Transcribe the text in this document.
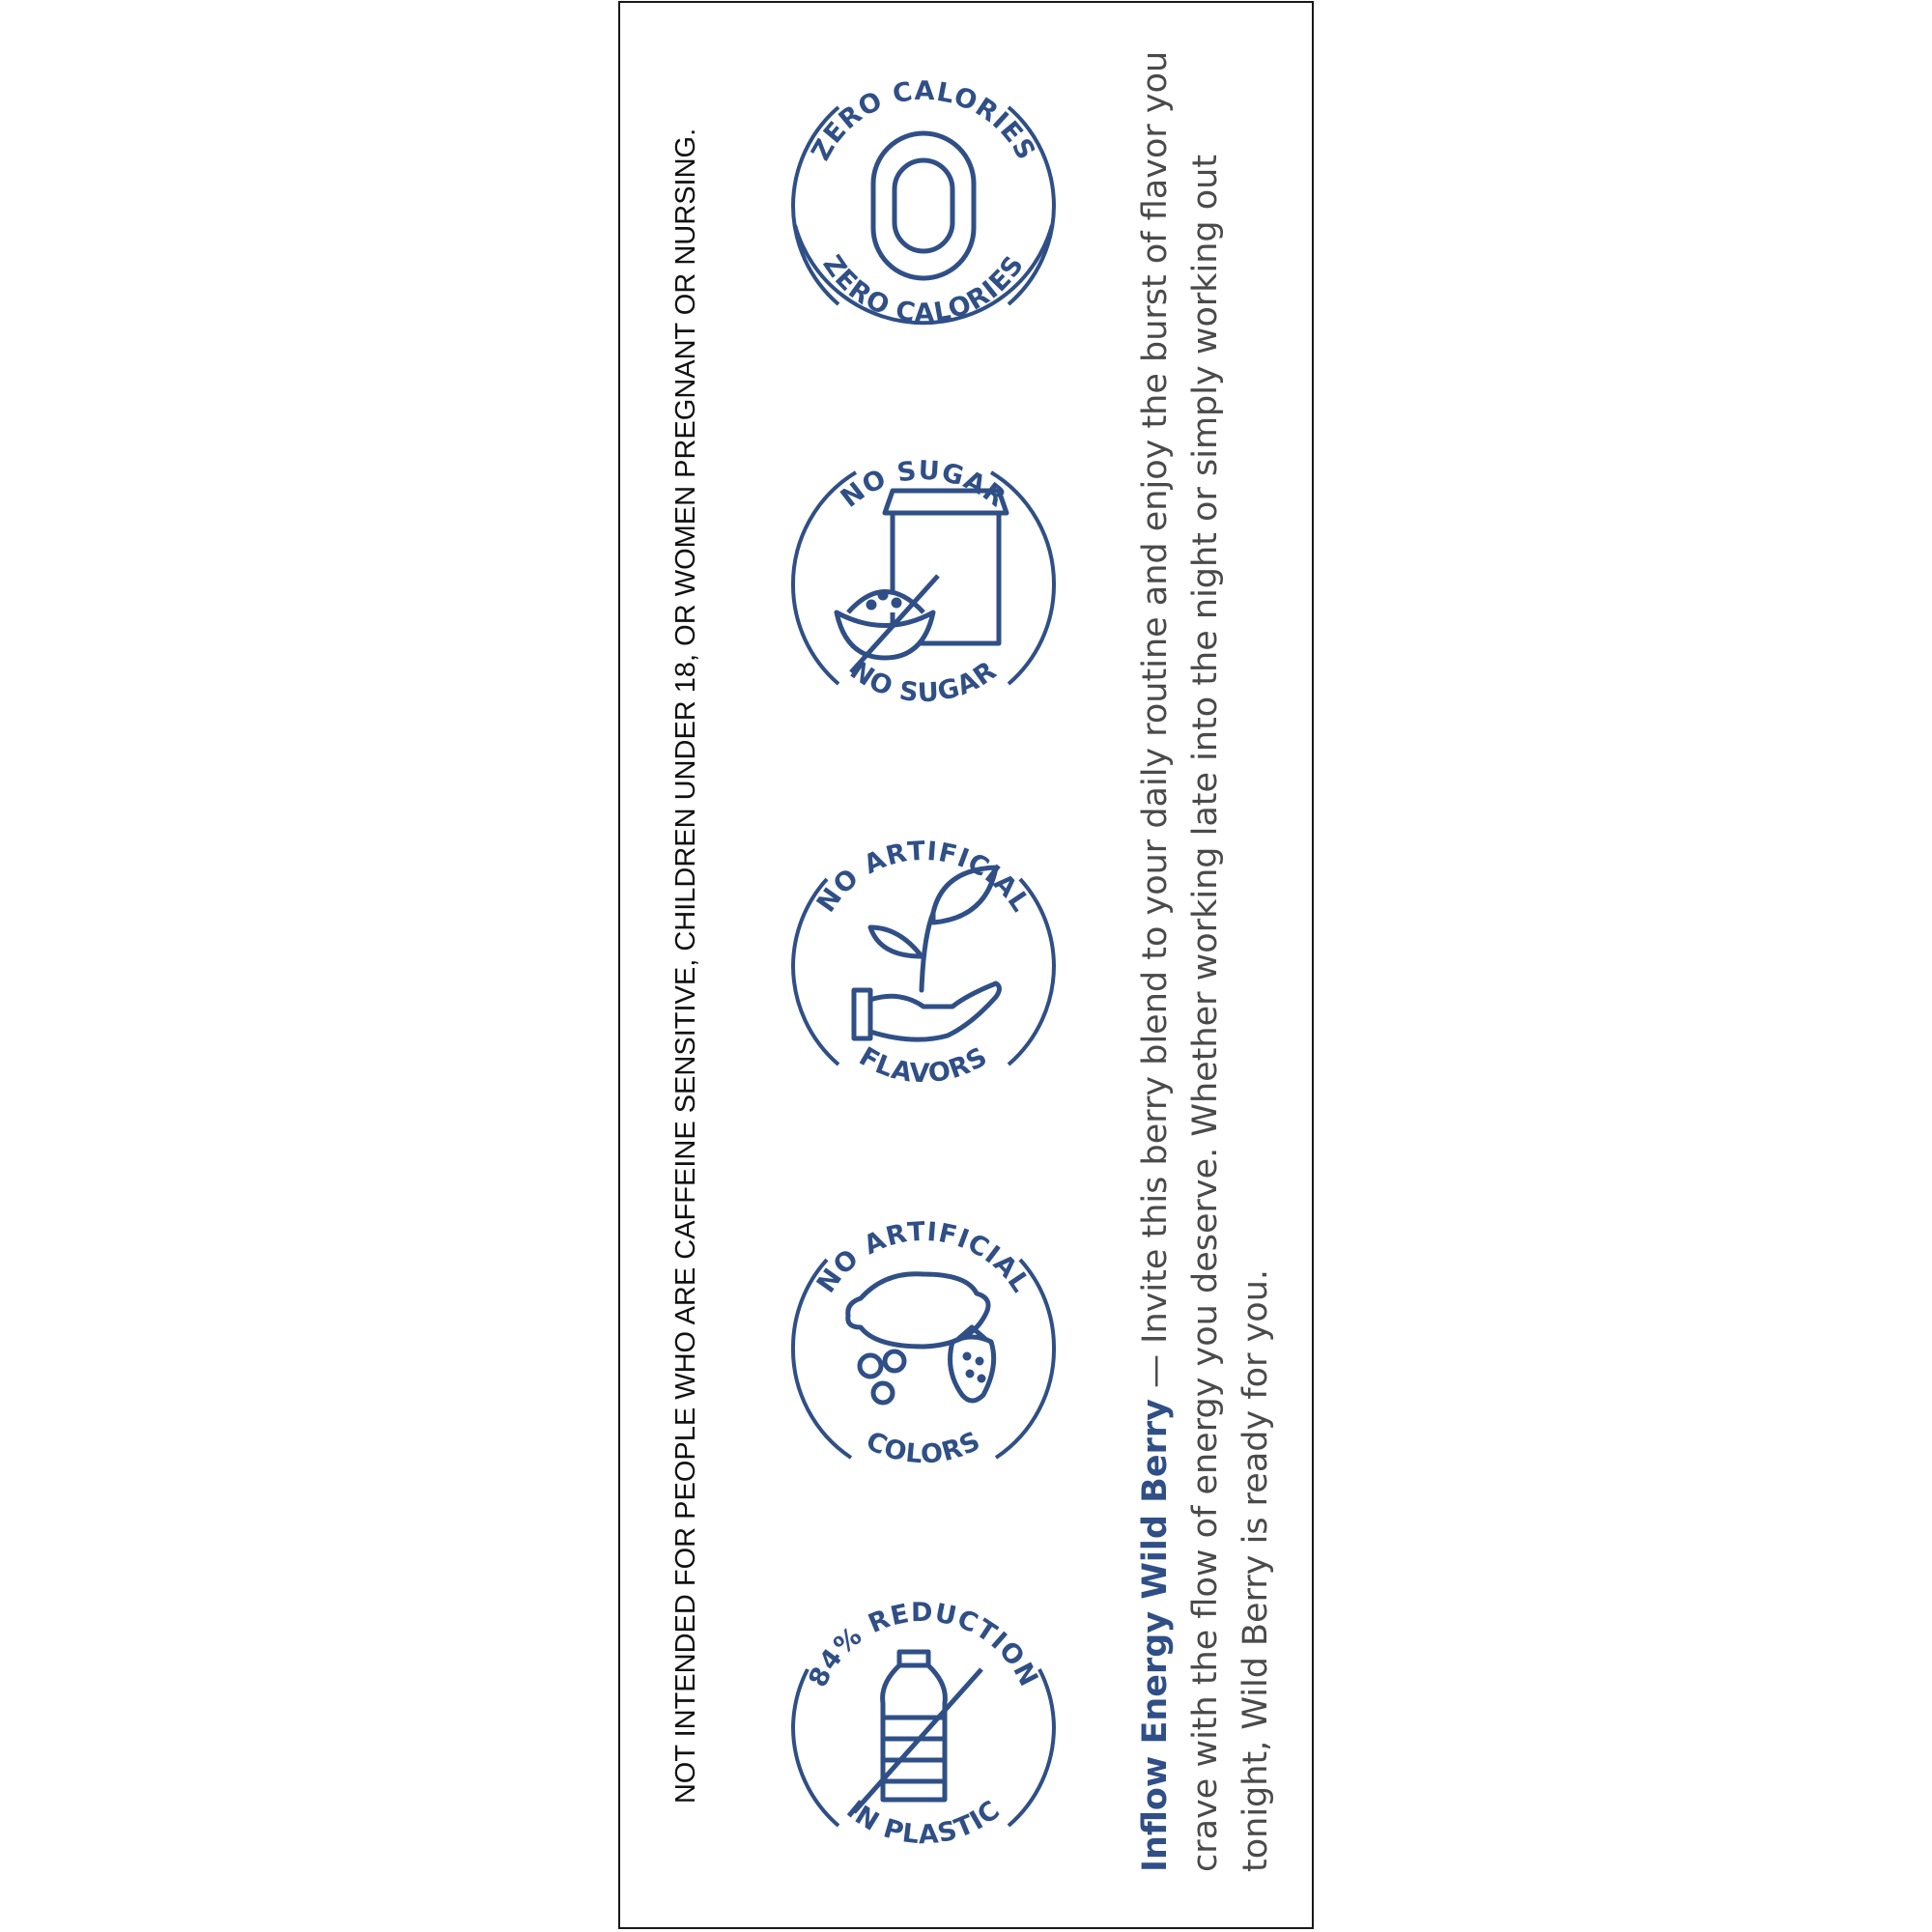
NOT INTENDED FOR PEOPLE WHO ARE CAFFEINE SENSITIVE, CHILDREN UNDER 18, OR WOMEN PREGNANT OR NURSING.	ZERO CALORIES
ZERO CALORIES
NO SUGAR
NO SUGAR
NO ARTIFICIAL
FLAVORS
NO ARTIFICIAL
COLORS
84% REDUCTION
IN PLASTIC	Inflow Energy Wild Berry — Invite this berry blend to your daily routine and enjoy the burst of flavor you crave with the flow of energy you deserve. Whether working late into the night or simply working out tonight, Wild Berry is ready for you.
